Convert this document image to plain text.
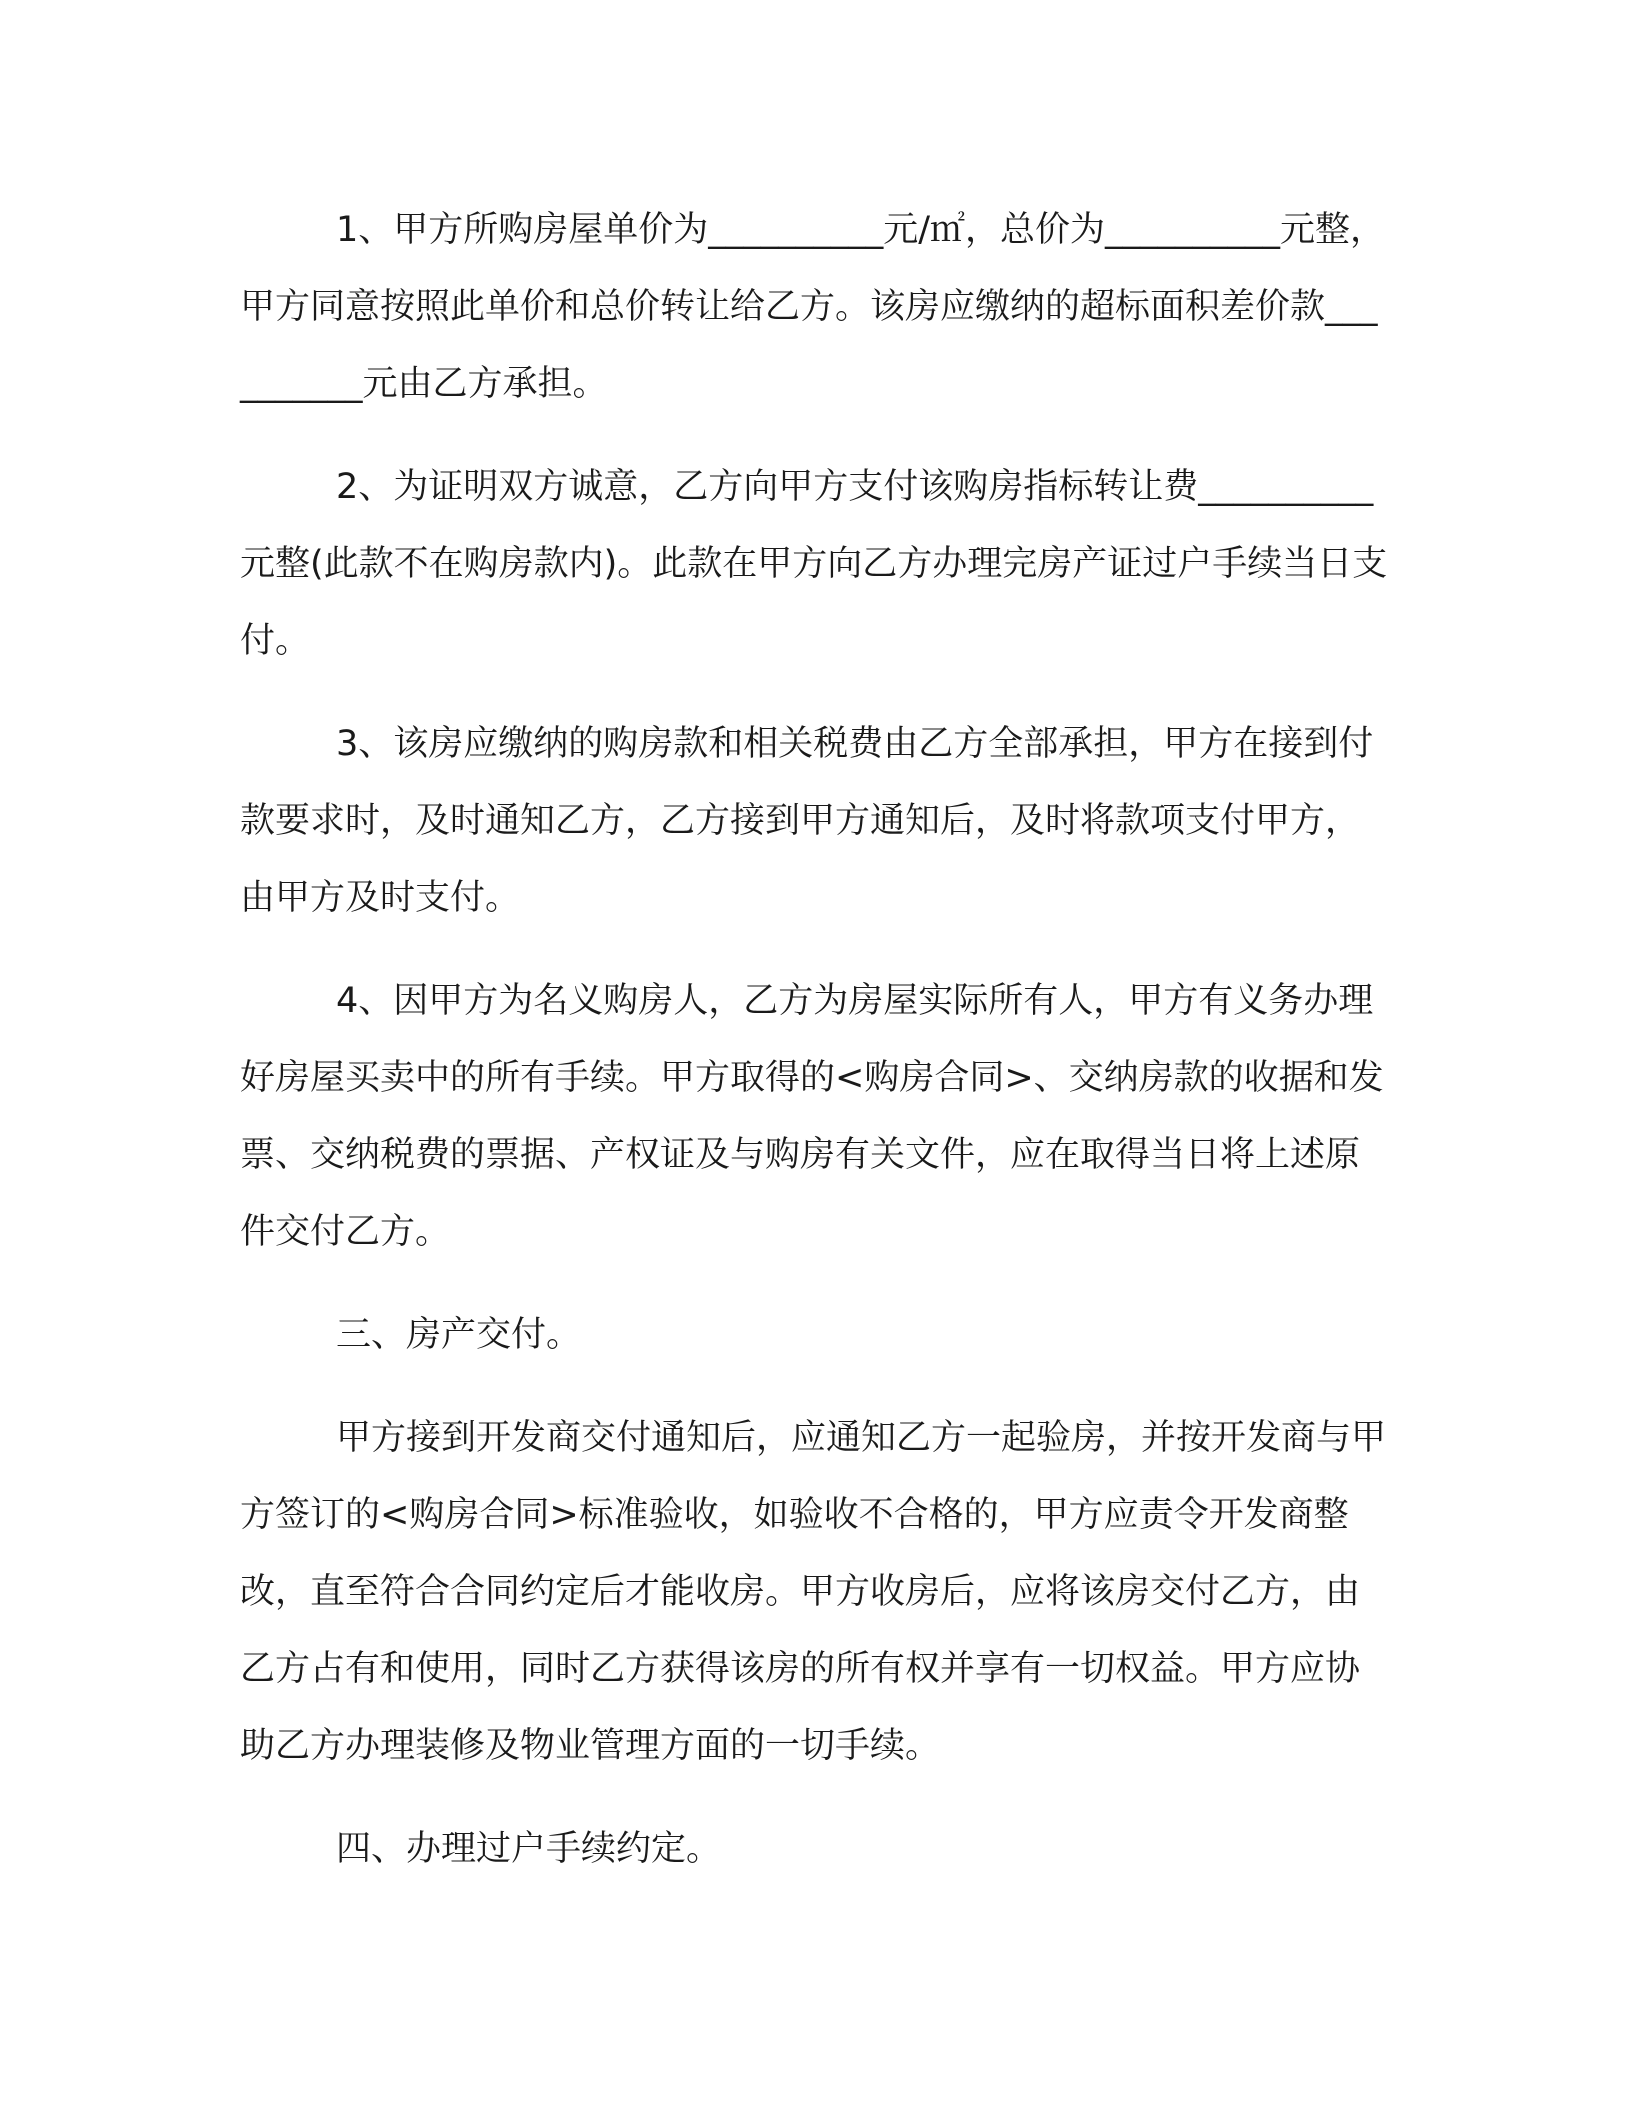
1、甲方所购房屋单价为__________元/㎡，总价为__________元整，甲方同意按照此单价和总价转让给乙方。该房应缴纳的超标面积差价款__________元由乙方承担。

2、为证明双方诚意，乙方向甲方支付该购房指标转让费__________元整(此款不在购房款内)。此款在甲方向乙方办理完房产证过户手续当日支付。

3、该房应缴纳的购房款和相关税费由乙方全部承担，甲方在接到付款要求时，及时通知乙方，乙方接到甲方通知后，及时将款项支付甲方，由甲方及时支付。

4、因甲方为名义购房人，乙方为房屋实际所有人，甲方有义务办理好房屋买卖中的所有手续。甲方取得的<购房合同>、交纳房款的收据和发票、交纳税费的票据、产权证及与购房有关文件，应在取得当日将上述原件交付乙方。

三、房产交付。

甲方接到开发商交付通知后，应通知乙方一起验房，并按开发商与甲方签订的<购房合同>标准验收，如验收不合格的，甲方应责令开发商整改，直至符合合同约定后才能收房。甲方收房后，应将该房交付乙方，由乙方占有和使用，同时乙方获得该房的所有权并享有一切权益。甲方应协助乙方办理装修及物业管理方面的一切手续。

四、办理过户手续约定。
